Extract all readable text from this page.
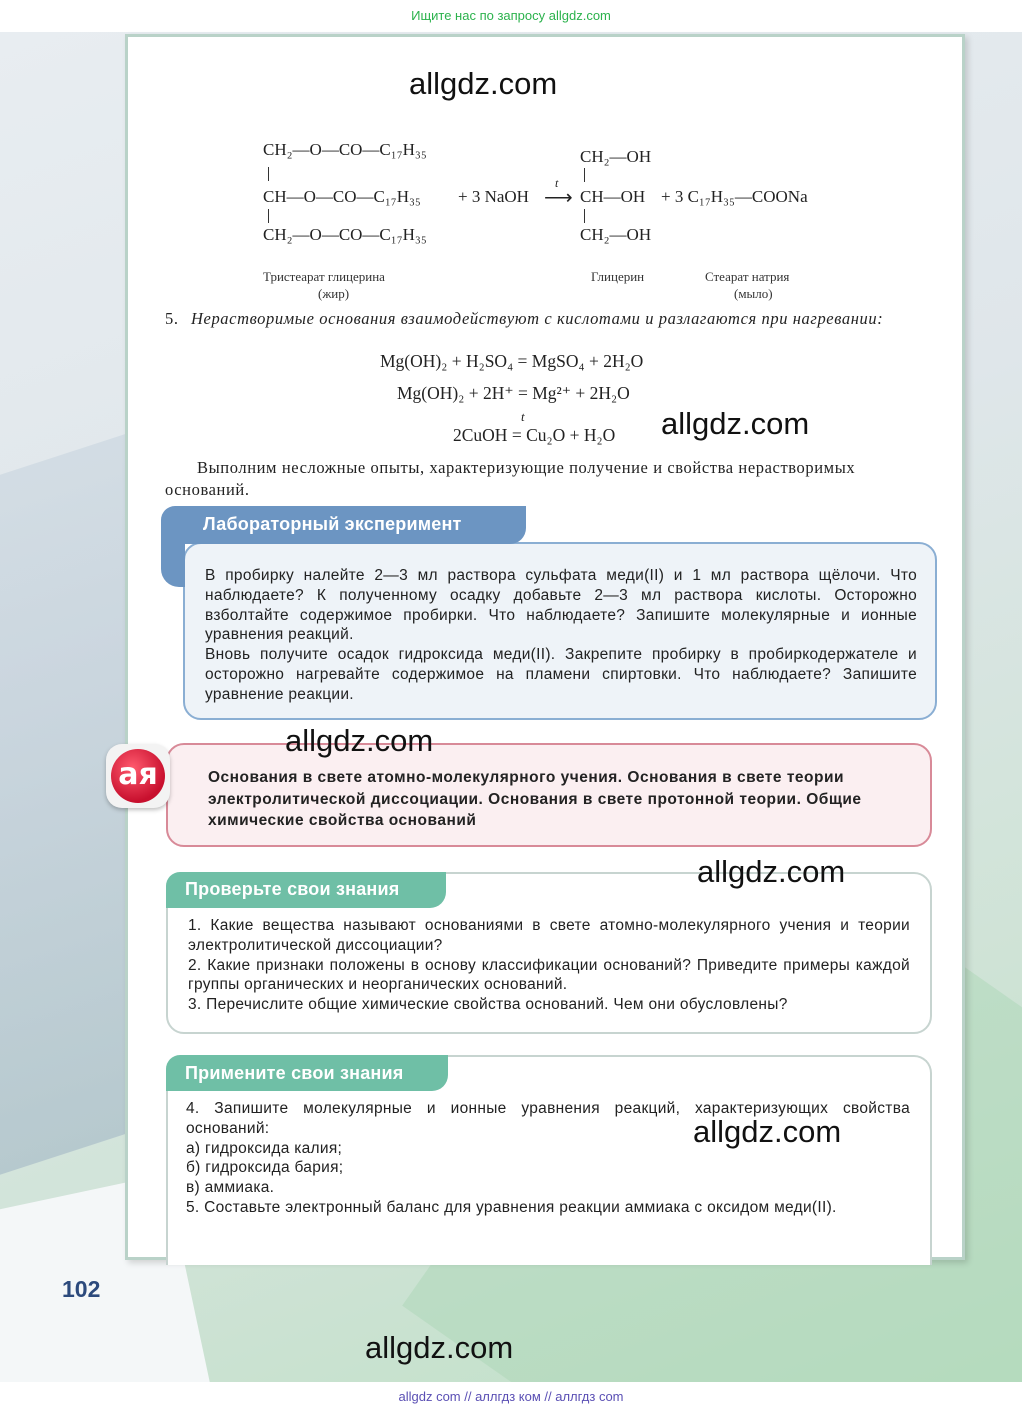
Ищите нас по запросу allgdz.com
102
CH₂—O—CO—C₁₇H₃₅
CH—O—CO—C₁₇H₃₅
CH₂—O—CO—C₁₇H₃₅
+ 3 NaOH
t
⟶
CH₂—OH
CH—OH
CH₂—OH
+ 3 C₁₇H₃₅—COONa
Тристеарат глицерина
(жир)
Глицерин	Стеарат натрия
(мыло)
5. Нерастворимые основания взаимодействуют с кислотами и разлагаются при нагревании:
Mg(OH)₂ + H₂SO₄ = MgSO₄ + 2H₂O
Mg(OH)₂ + 2H⁺ = Mg²⁺ + 2H₂O
t
2CuOH = Cu₂O + H₂O
Выполним несложные опыты, характеризующие получение и свойства нерастворимых оснований.
В пробирку налейте 2—3 мл раствора сульфата меди(II) и 1 мл раствора щёлочи. Что наблюдаете? К полученному осадку добавьте 2—3 мл раствора кислоты. Осторожно взболтайте содержимое пробирки. Что наблюдаете? Запишите молекулярные и ионные уравнения реакций.
Вновь получите осадок гидроксида меди(II). Закрепите пробирку в пробиркодержателе и осторожно нагревайте содержимое на пламени спиртовки. Что наблюдаете? Запишите уравнение реакции.
Лабораторный эксперимент
Основания в свете атомно-молекулярного учения. Основания в свете теории электролитической диссоциации. Основания в свете протонной теории. Общие химические свойства оснований
1. Какие вещества называют основаниями в свете атомно-молекулярного учения и теории электролитической диссоциации?
2. Какие признаки положены в основу классификации оснований? Приведите примеры каждой группы органических и неорганических оснований.
3. Перечислите общие химические свойства оснований. Чем они обусловлены?
Проверьте свои знания
4. Запишите молекулярные и ионные уравнения реакций, характеризующих свойства оснований:
а) гидроксида калия;
б) гидроксида бария;
в) аммиака.
5. Составьте электронный баланс для уравнения реакции аммиака с оксидом меди(II).
Примените свои знания
ая
allgdz.com
allgdz.com
allgdz.com
allgdz.com
allgdz.com
allgdz.com
allgdz com // аллгдз ком // аллгдз com
